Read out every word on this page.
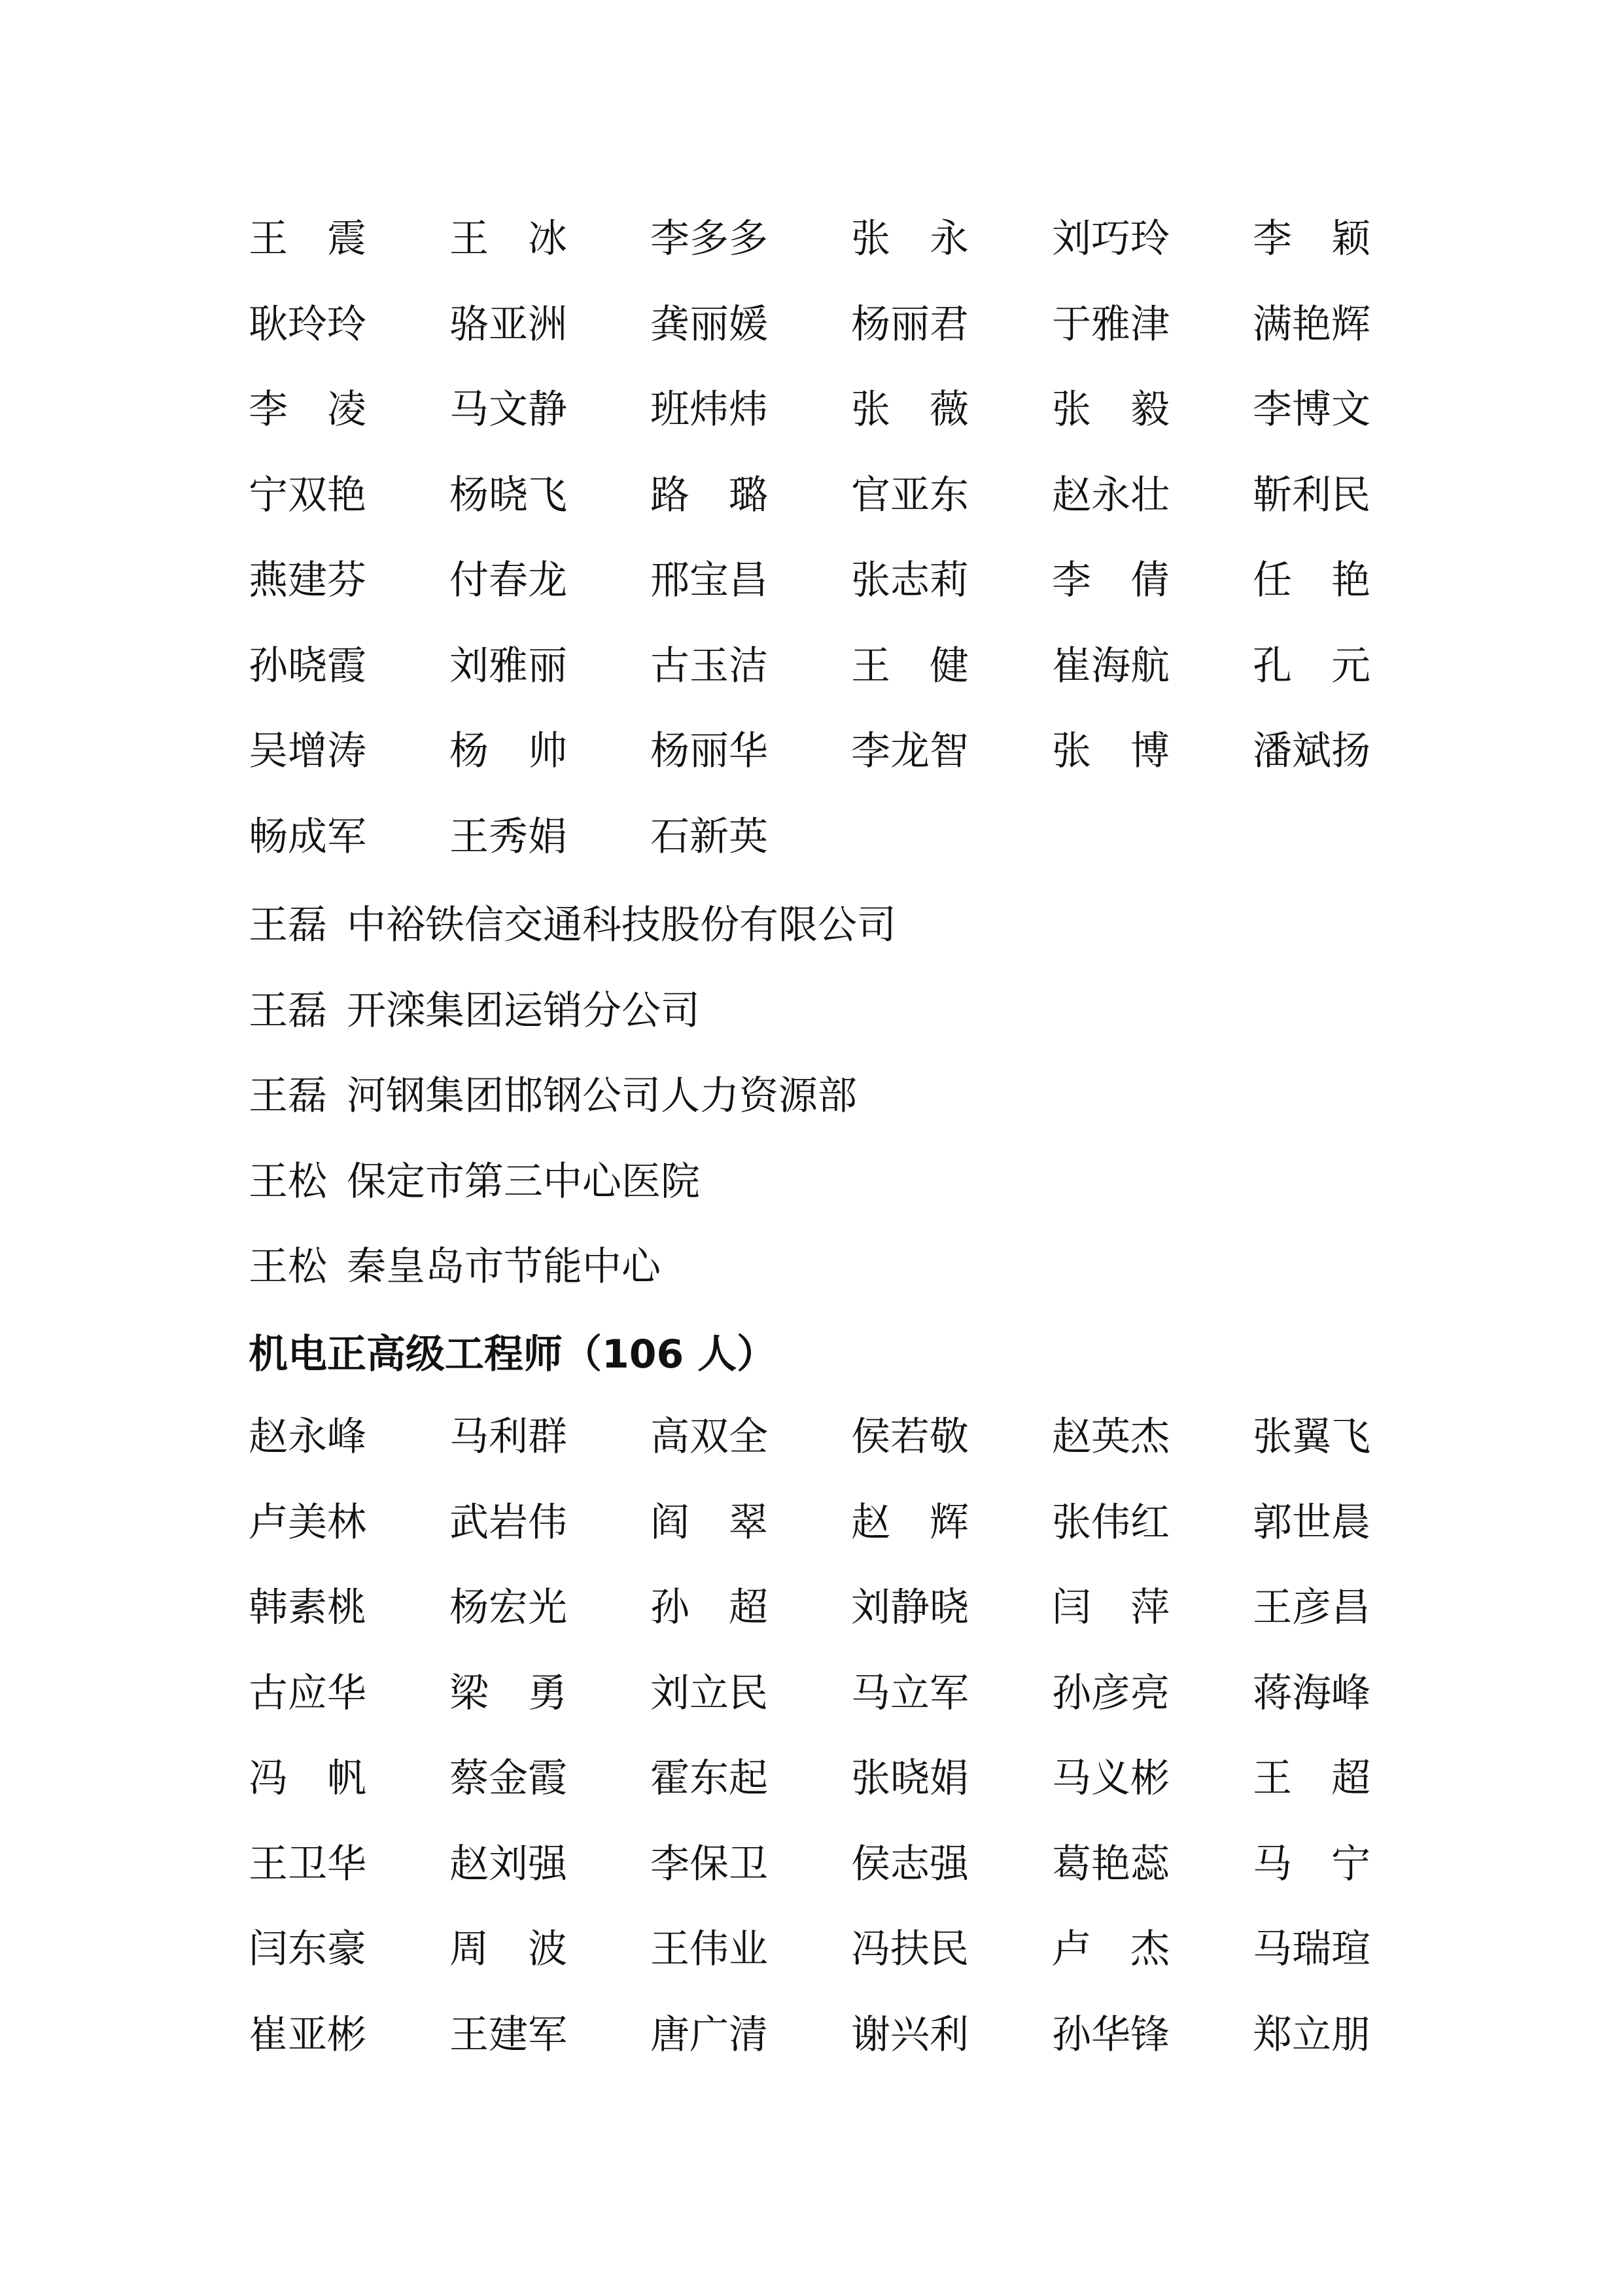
王　震	王　冰	李多多	张　永	刘巧玲	李　颖
耿玲玲	骆亚洲	龚丽媛	杨丽君	于雅津	满艳辉
李　凌	马文静	班炜炜	张　薇	张　毅	李博文
宁双艳	杨晓飞	路　璐	官亚东	赵永壮	靳利民
燕建芬	付春龙	邢宝昌	张志莉	李　倩	任　艳
孙晓霞	刘雅丽	古玉洁	王　健	崔海航	孔　元
吴增涛	杨　帅	杨丽华	李龙智	张　博	潘斌扬
畅成军	王秀娟	石新英
王磊 中裕铁信交通科技股份有限公司
王磊 开滦集团运销分公司
王磊 河钢集团邯钢公司人力资源部
王松 保定市第三中心医院
王松 秦皇岛市节能中心
机电正高级工程师（106 人）
赵永峰	马利群	高双全	侯若敬	赵英杰	张翼飞
卢美林	武岩伟	阎　翠	赵　辉	张伟红	郭世晨
韩素桃	杨宏光	孙　超	刘静晓	闫　萍	王彦昌
古应华	梁　勇	刘立民	马立军	孙彦亮	蒋海峰
冯　帆	蔡金霞	霍东起	张晓娟	马义彬	王　超
王卫华	赵刘强	李保卫	侯志强	葛艳蕊	马　宁
闫东豪	周　波	王伟业	冯扶民	卢　杰	马瑞瑄
崔亚彬	王建军	唐广清	谢兴利	孙华锋	郑立朋
